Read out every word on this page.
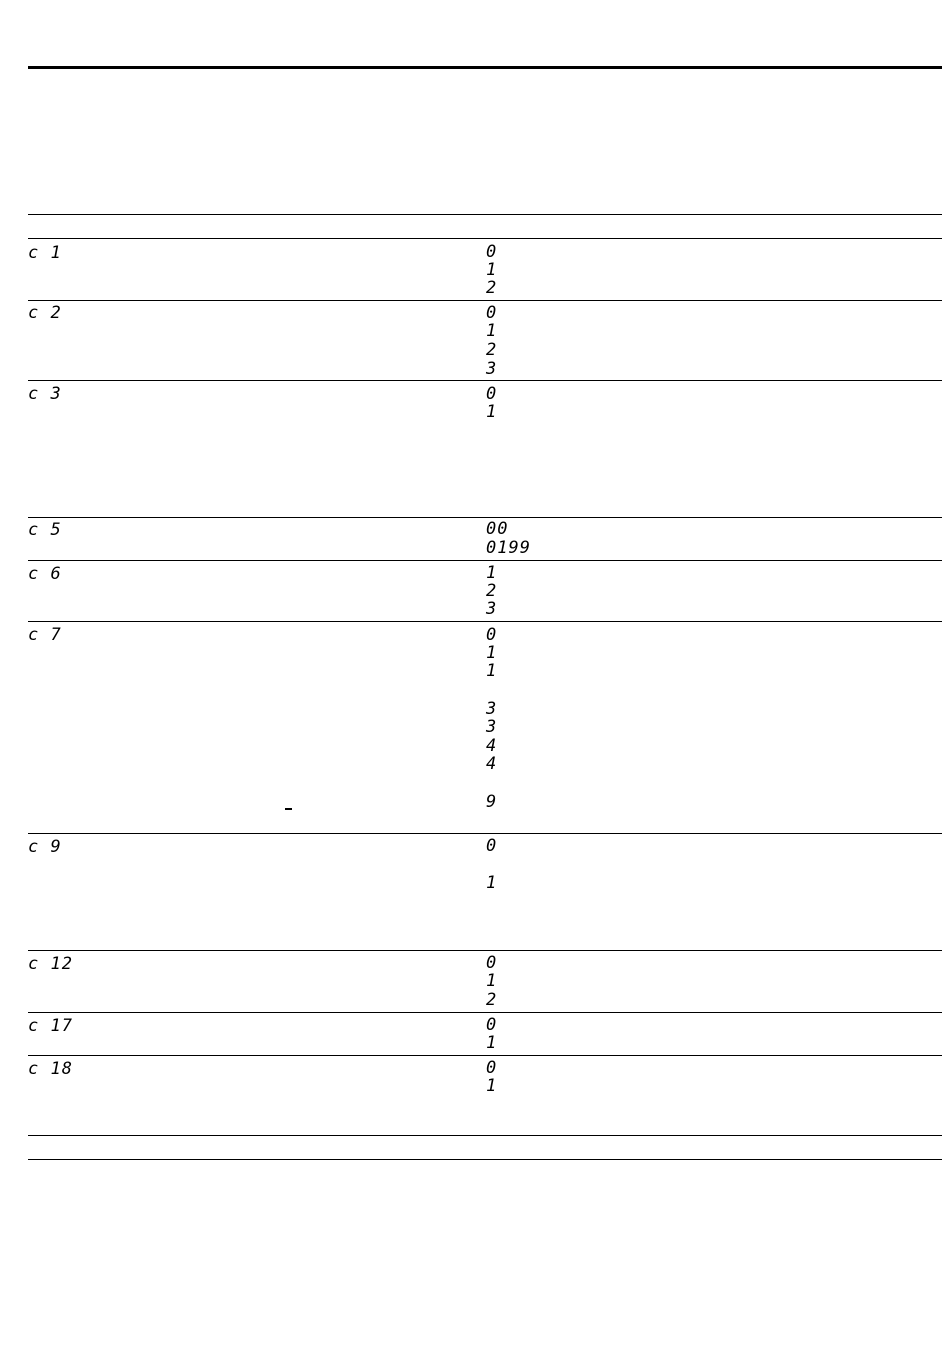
c 1	0
1
2
c 2	0
1
2
3
c 3	0
1
c 5	00
0199
c 6	1
2
3
c 7	0
1
1
3
3
4
4
9
c 9	0
1
c 12	0
1
2
c 17	0
1
c 18	0
1
